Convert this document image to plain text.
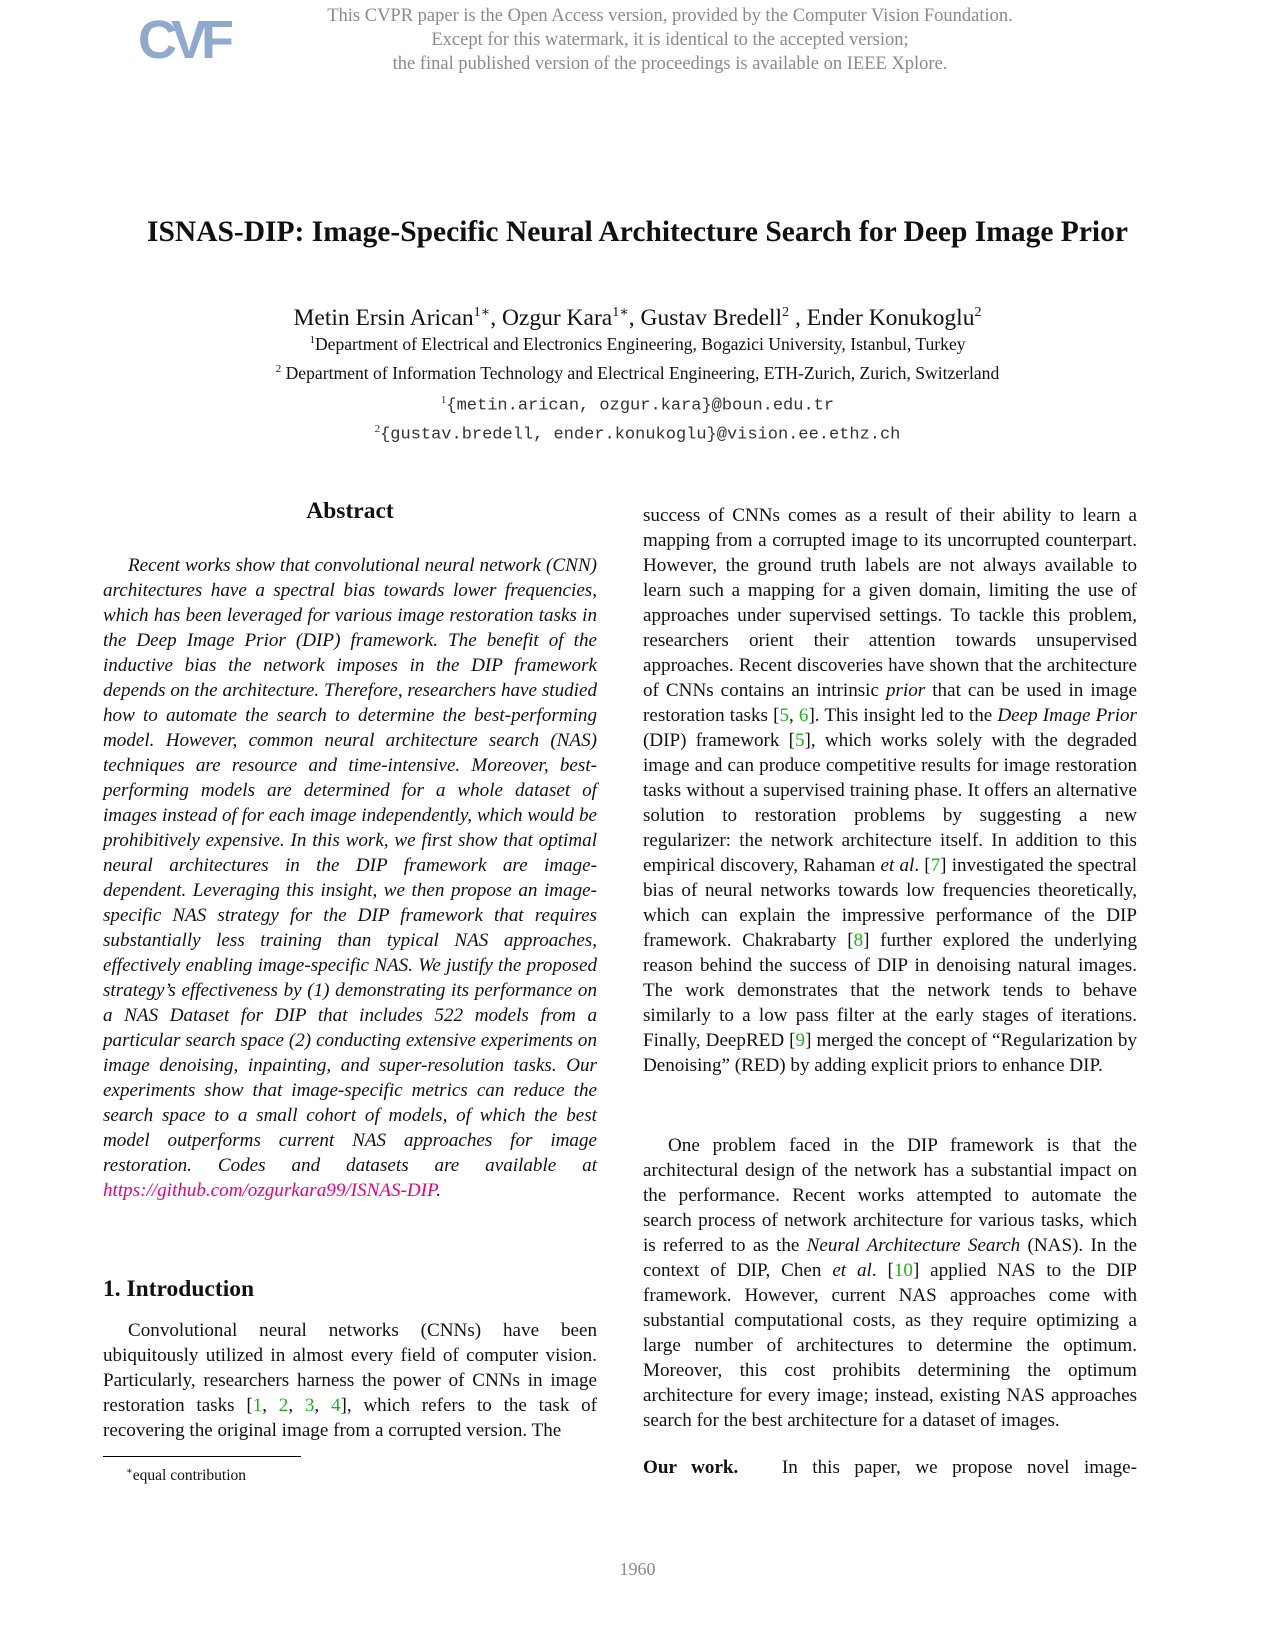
CVF	This CVPR paper is the Open Access version, provided by the Computer Vision Foundation.
Except for this watermark, it is identical to the accepted version;
the final published version of the proceedings is available on IEEE Xplore.
ISNAS-DIP: Image-Specific Neural Architecture Search for Deep Image Prior
Metin Ersin Arican$^{1∗}$, Ozgur Kara$^{1∗}$, Gustav Bredell$^2$ , Ender Konukoglu$^2$
$^1$Department of Electrical and Electronics Engineering, Bogazici University, Istanbul, Turkey
$^2$ Department of Information Technology and Electrical Engineering, ETH-Zurich, Zurich, Switzerland
$^1${metin.arican, ozgur.kara}@boun.edu.tr
$^2${gustav.bredell, ender.konukoglu}@vision.ee.ethz.ch
Abstract

Recent works show that convolutional neural network (CNN) architectures have a spectral bias towards lower frequencies, which has been leveraged for various image restoration tasks in the Deep Image Prior (DIP) framework. The benefit of the inductive bias the network imposes in the DIP framework depends on the architecture. Therefore, researchers have studied how to automate the search to determine the best-performing model. However, common neural architecture search (NAS) techniques are resource and time-intensive. Moreover, best-performing models are determined for a whole dataset of images instead of for each image independently, which would be prohibitively expensive. In this work, we first show that optimal neural architectures in the DIP framework are image-dependent. Leveraging this insight, we then propose an image-specific NAS strategy for the DIP framework that requires substantially less training than typical NAS approaches, effectively enabling image-specific NAS. We justify the proposed strategy’s effectiveness by (1) demonstrating its performance on a NAS Dataset for DIP that includes 522 models from a particular search space (2) conducting extensive experiments on image denoising, inpainting, and super-resolution tasks. Our experiments show that image-specific metrics can reduce the search space to a small cohort of models, of which the best model outperforms current NAS approaches for image restoration. Codes and datasets are available at https://github.com/ozgurkara99/ISNAS-DIP.

1. Introduction

Convolutional neural networks (CNNs) have been ubiquitously utilized in almost every field of computer vision. Particularly, researchers harness the power of CNNs in image restoration tasks [1, 2, 3, 4], which refers to the task of recovering the original image from a corrupted version. The

∗equal contribution

success of CNNs comes as a result of their ability to learn a mapping from a corrupted image to its uncorrupted counterpart. However, the ground truth labels are not always available to learn such a mapping for a given domain, limiting the use of approaches under supervised settings. To tackle this problem, researchers orient their attention towards unsupervised approaches. Recent discoveries have shown that the architecture of CNNs contains an intrinsic prior that can be used in image restoration tasks [5, 6]. This insight led to the Deep Image Prior (DIP) framework [5], which works solely with the degraded image and can produce competitive results for image restoration tasks without a supervised training phase. It offers an alternative solution to restoration problems by suggesting a new regularizer: the network architecture itself. In addition to this empirical discovery, Rahaman et al. [7] investigated the spectral bias of neural networks towards low frequencies theoretically, which can explain the impressive performance of the DIP framework. Chakrabarty [8] further explored the underlying reason behind the success of DIP in denoising natural images. The work demonstrates that the network tends to behave similarly to a low pass filter at the early stages of iterations. Finally, DeepRED [9] merged the concept of “Regularization by Denoising” (RED) by adding explicit priors to enhance DIP.

One problem faced in the DIP framework is that the architectural design of the network has a substantial impact on the performance. Recent works attempted to automate the search process of network architecture for various tasks, which is referred to as the Neural Architecture Search (NAS). In the context of DIP, Chen et al. [10] applied NAS to the DIP framework. However, current NAS approaches come with substantial computational costs, as they require optimizing a large number of architectures to determine the optimum. Moreover, this cost prohibits determining the optimum architecture for every image; instead, existing NAS approaches search for the best architecture for a dataset of images.

Our work. In this paper, we propose novel image-

1960
